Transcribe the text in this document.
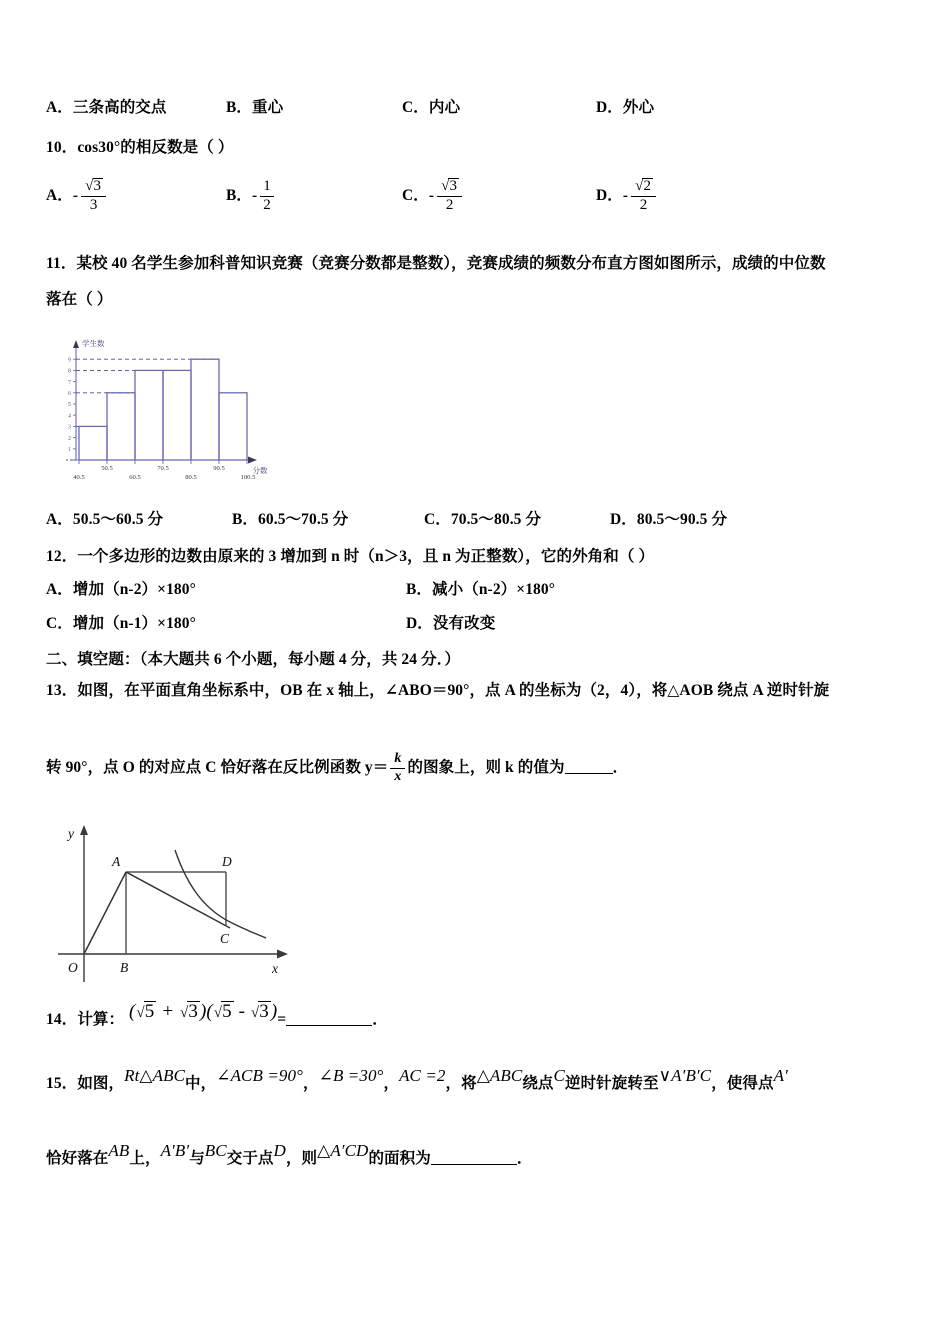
A．三条高的交点	B．重心	C．内心	D．外心
10．cos30°的相反数是（ ）
A．- $\frac{√3}{3}$	B．- $\frac{1}{2}$	C．- $\frac{√3}{2}$	D．- $\frac{√2}{2}$
11．某校 40 名学生参加科普知识竞赛（竞赛分数都是整数），竞赛成绩的频数分布直方图如图所示，成绩的中位数
落在（ ）
1
2
3
4
5
6
7
8
9
40.5
50.5
60.5
70.5
80.5
90.5
100.5
学生数
分数
A．50.5～60.5 分	B．60.5～70.5 分	C．70.5～80.5 分	D．80.5～90.5 分
12．一个多边形的边数由原来的 3 增加到 n 时（n＞3，且 n 为正整数），它的外角和（ ）
A．增加（n‑2）×180°	B．减小（n‑2）×180°
C．增加（n‑1）×180°	D．没有改变
二、填空题：（本大题共 6 个小题，每小题 4 分，共 24 分．）
13．如图，在平面直角坐标系中，OB 在 x 轴上，∠ABO＝90°，点 A 的坐标为（2，4），将△AOB 绕点 A 逆时针旋
转 90°，点 O 的对应点 C 恰好落在反比例函数 $y= \frac{k}{x}$ 的图象上，则 k 的值为	．
O	B
A
C
D
x
y
14．计算： (√5 + √3 )(√5 - √3 )=	．
15．如图，Rt△ABC中，∠ACB =90°，∠B =30°，AC =2，将△ABC绕点C逆时针旋转至∨A′B′C，使得点A′
恰好落在AB上，A′B′与BC交于点D，则△A′CD的面积为	．
